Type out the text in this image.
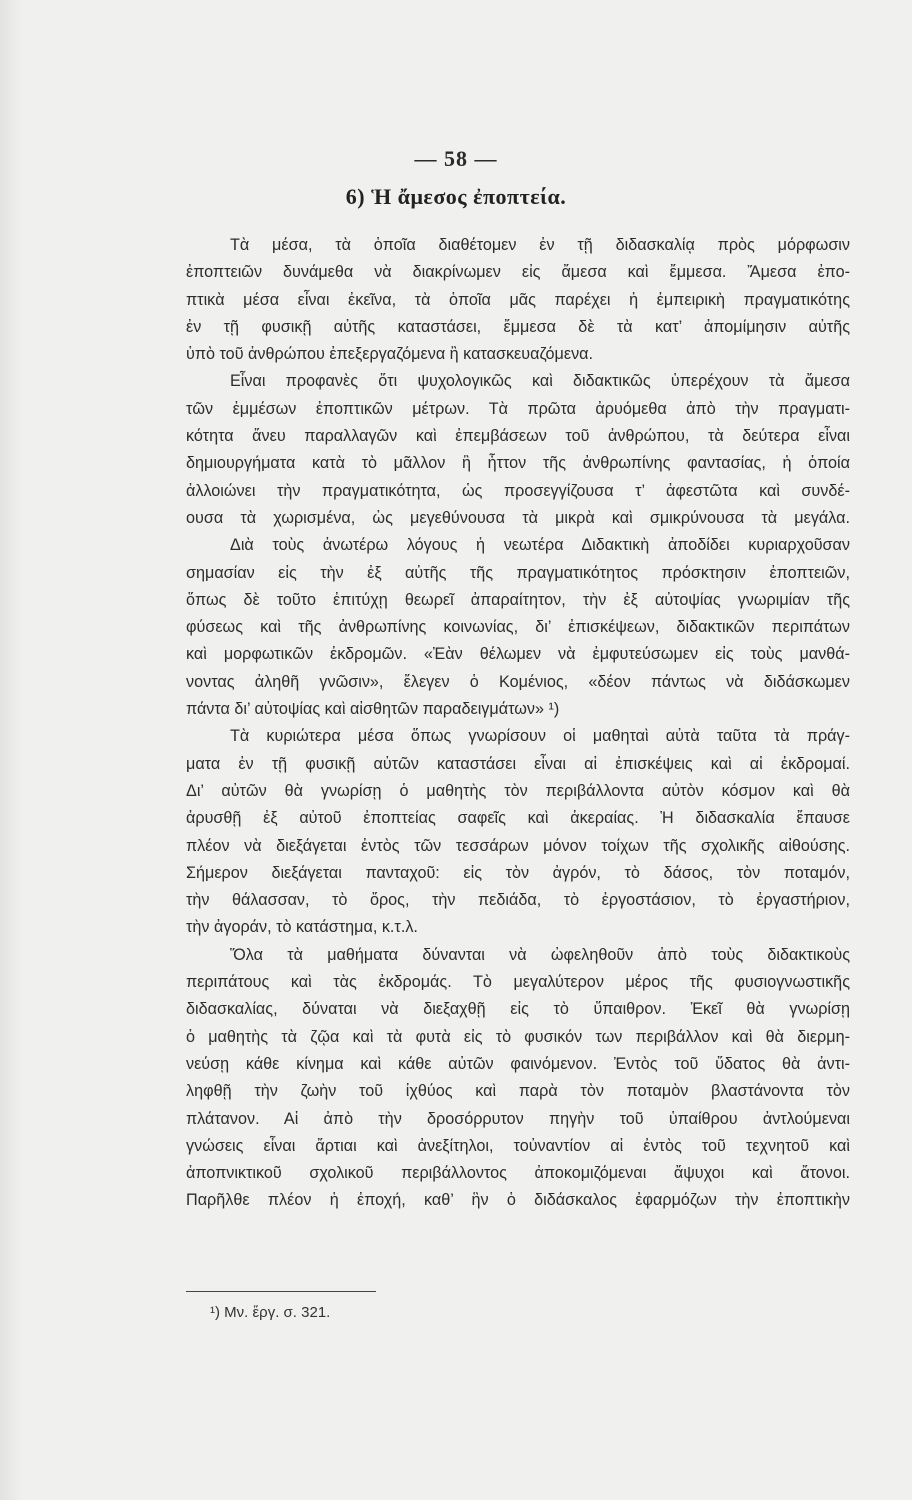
— 58 —
6) Ἡ ἄμεσος ἐποπτεία.
Τὰ μέσα, τὰ ὁποῖα διαθέτομεν ἐν τῇ διδασκαλίᾳ πρὸς μόρφωσιν
ἐποπτειῶν δυνάμεθα νὰ διακρίνωμεν εἰς ἄμεσα καὶ ἔμμεσα. Ἄμεσα ἐπο-
πτικὰ μέσα εἶναι ἐκεῖνα, τὰ ὁποῖα μᾶς παρέχει ἡ ἐμπειρικὴ πραγματικότης
ἐν τῇ φυσικῇ αὐτῆς καταστάσει, ἔμμεσα δὲ τὰ κατ’ ἀπομίμησιν αὐτῆς
ὑπὸ τοῦ ἀνθρώπου ἐπεξεργαζόμενα ἢ κατασκευαζόμενα.
Εἶναι προφανὲς ὅτι ψυχολογικῶς καὶ διδακτικῶς ὑπερέχουν τὰ ἄμεσα
τῶν ἐμμέσων ἐποπτικῶν μέτρων. Τὰ πρῶτα ἀρυόμεθα ἀπὸ τὴν πραγματι-
κότητα ἄνευ παραλλαγῶν καὶ ἐπεμβάσεων τοῦ ἀνθρώπου, τὰ δεύτερα εἶναι
δημιουργήματα κατὰ τὸ μᾶλλον ἢ ἧττον τῆς ἀνθρωπίνης φαντασίας, ἡ ὁποία
ἀλλοιώνει τὴν πραγματικότητα, ὡς προσεγγίζουσα τ’ ἀφεστῶτα καὶ συνδέ-
ουσα τὰ χωρισμένα, ὡς μεγεθύνουσα τὰ μικρὰ καὶ σμικρύνουσα τὰ μεγάλα.
Διὰ τοὺς ἀνωτέρω λόγους ἡ νεωτέρα Διδακτικὴ ἀποδίδει κυριαρχοῦσαν
σημασίαν εἰς τὴν ἐξ αὐτῆς τῆς πραγματικότητος πρόσκτησιν ἐποπτειῶν,
ὅπως δὲ τοῦτο ἐπιτύχῃ θεωρεῖ ἀπαραίτητον, τὴν ἐξ αὐτοψίας γνωριμίαν τῆς
φύσεως καὶ τῆς ἀνθρωπίνης κοινωνίας, δι’ ἐπισκέψεων, διδακτικῶν περιπάτων
καὶ μορφωτικῶν ἐκδρομῶν. «Ἐὰν θέλωμεν νὰ ἐμφυτεύσωμεν εἰς τοὺς μανθά-
νοντας ἀληθῆ γνῶσιν», ἔλεγεν ὁ Κομένιος, «δέον πάντως νὰ διδάσκωμεν
πάντα δι’ αὐτοψίας καὶ αἰσθητῶν παραδειγμάτων» ¹)
Τὰ κυριώτερα μέσα ὅπως γνωρίσουν οἱ μαθηταὶ αὐτὰ ταῦτα τὰ πράγ-
ματα ἐν τῇ φυσικῇ αὐτῶν καταστάσει εἶναι αἱ ἐπισκέψεις καὶ αἱ ἐκδρομαί.
Δι’ αὐτῶν θὰ γνωρίσῃ ὁ μαθητὴς τὸν περιβάλλοντα αὐτὸν κόσμον καὶ θὰ
ἀρυσθῇ ἐξ αὐτοῦ ἐποπτείας σαφεῖς καὶ ἀκεραίας. Ἡ διδασκαλία ἔπαυσε
πλέον νὰ διεξάγεται ἐντὸς τῶν τεσσάρων μόνον τοίχων τῆς σχολικῆς αἰθούσης.
Σήμερον διεξάγεται πανταχοῦ: εἰς τὸν ἀγρόν, τὸ δάσος, τὸν ποταμόν,
τὴν θάλασσαν, τὸ ὄρος, τὴν πεδιάδα, τὸ ἐργοστάσιον, τὸ ἐργαστήριον,
τὴν ἀγοράν, τὸ κατάστημα, κ.τ.λ.
Ὅλα τὰ μαθήματα δύνανται νὰ ὠφεληθοῦν ἀπὸ τοὺς διδακτικοὺς
περιπάτους καὶ τὰς ἐκδρομάς. Τὸ μεγαλύτερον μέρος τῆς φυσιογνωστικῆς
διδασκαλίας, δύναται νὰ διεξαχθῇ εἰς τὸ ὕπαιθρον. Ἐκεῖ θὰ γνωρίσῃ
ὁ μαθητὴς τὰ ζῷα καὶ τὰ φυτὰ εἰς τὸ φυσικόν των περιβάλλον καὶ θὰ διερμη-
νεύσῃ κάθε κίνημα καὶ κάθε αὐτῶν φαινόμενον. Ἐντὸς τοῦ ὕδατος θὰ ἀντι-
ληφθῇ τὴν ζωὴν τοῦ ἰχθύος καὶ παρὰ τὸν ποταμὸν βλαστάνοντα τὸν
πλάτανον. Αἱ ἀπὸ τὴν δροσόρρυτον πηγὴν τοῦ ὑπαίθρου ἀντλούμεναι
γνώσεις εἶναι ἄρτιαι καὶ ἀνεξίτηλοι, τοὐναντίον αἱ ἐντὸς τοῦ τεχνητοῦ καὶ
ἀποπνικτικοῦ σχολικοῦ περιβάλλοντος ἀποκομιζόμεναι ἄψυχοι καὶ ἄτονοι.
Παρῆλθε πλέον ἡ ἐποχή, καθ’ ἣν ὁ διδάσκαλος ἐφαρμόζων τὴν ἐποπτικὴν
¹) Μν. ἔργ. σ. 321.
